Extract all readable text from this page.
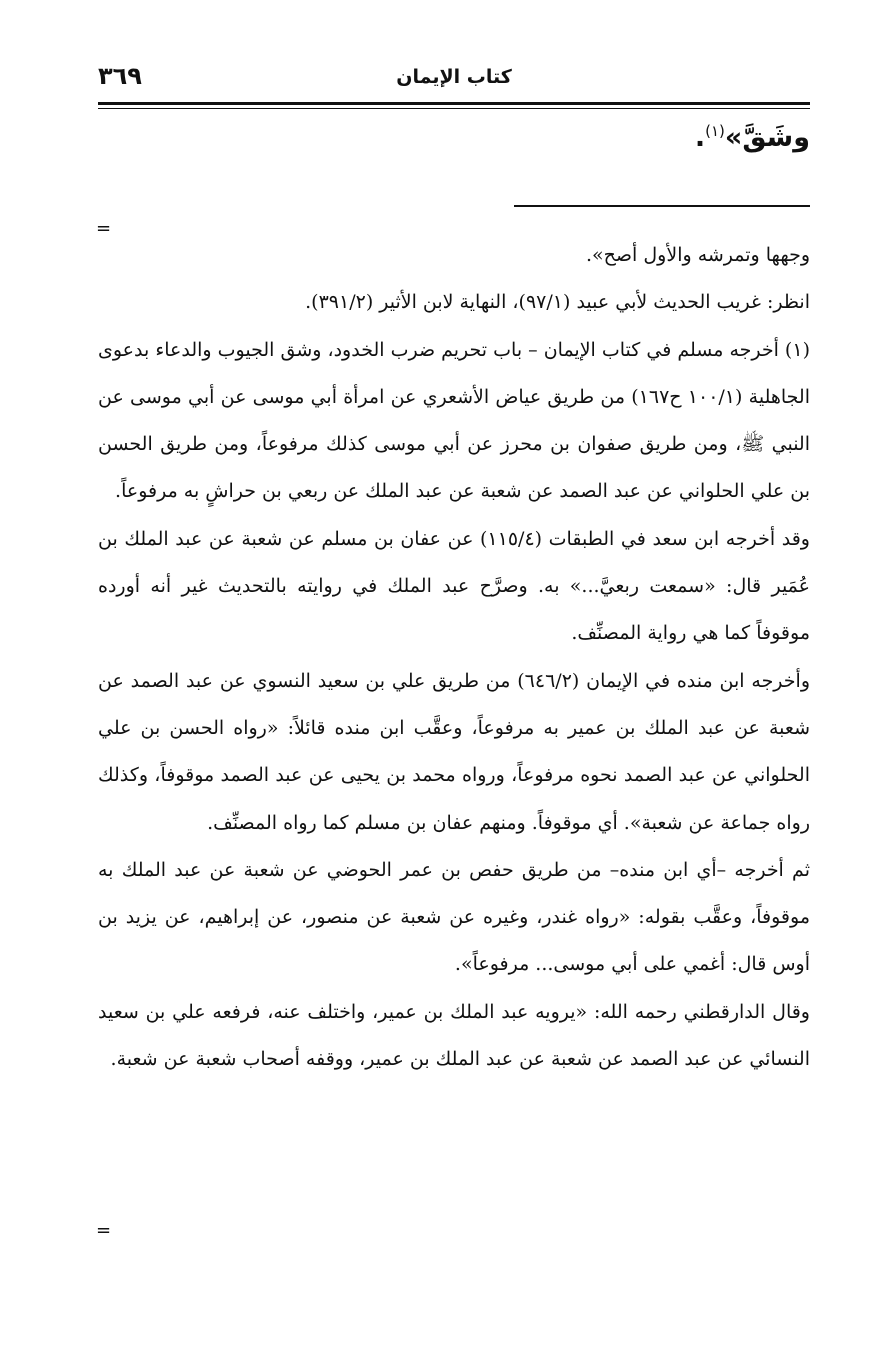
٣٦٩	كتاب الإيمان
وشَقَّ»$^{(١)}$.
=

وجهها وتمرشه والأول أصح».

انظر: غريب الحديث لأبي عبيد (٩٧/١)، النهاية لابن الأثير (٣٩١/٢).

(١) أخرجه مسلم في كتاب الإيمان – باب تحريم ضرب الخدود، وشق الجيوب والدعاء بدعوى الجاهلية (١٠٠/١ ح١٦٧) من طريق عياض الأشعري عن امرأة أبي موسى عن أبي موسى عن النبي ﷺ، ومن طريق صفوان بن محرز عن أبي موسى كذلك مرفوعاً، ومن طريق الحسن بن علي الحلواني عن عبد الصمد عن شعبة عن عبد الملك عن ربعي بن حراشٍ به مرفوعاً.

وقد أخرجه ابن سعد في الطبقات (١١٥/٤) عن عفان بن مسلم عن شعبة عن عبد الملك بن عُمَير قال: «سمعت ربعيَّ...» به. وصرَّح عبد الملك في روايته بالتحديث غير أنه أورده موقوفاً كما هي رواية المصنِّف.

وأخرجه ابن منده في الإيمان (٦٤٦/٢) من طريق علي بن سعيد النسوي عن عبد الصمد عن شعبة عن عبد الملك بن عمير به مرفوعاً، وعقَّب ابن منده قائلاً: «رواه الحسن بن علي الحلواني عن عبد الصمد نحوه مرفوعاً، ورواه محمد بن يحيى عن عبد الصمد موقوفاً، وكذلك رواه جماعة عن شعبة». أي موقوفاً. ومنهم عفان بن مسلم كما رواه المصنِّف.

ثم أخرجه –أي ابن منده– من طريق حفص بن عمر الحوضي عن شعبة عن عبد الملك به موقوفاً، وعقَّب بقوله: «رواه غندر، وغيره عن شعبة عن منصور، عن إبراهيم، عن يزيد بن أوس قال: أغمي على أبي موسى... مرفوعاً».

وقال الدارقطني رحمه الله: «يرويه عبد الملك بن عمير، واختلف عنه، فرفعه علي بن سعيد النسائي عن عبد الصمد عن شعبة عن عبد الملك بن عمير، ووقفه أصحاب شعبة عن شعبة.

=
